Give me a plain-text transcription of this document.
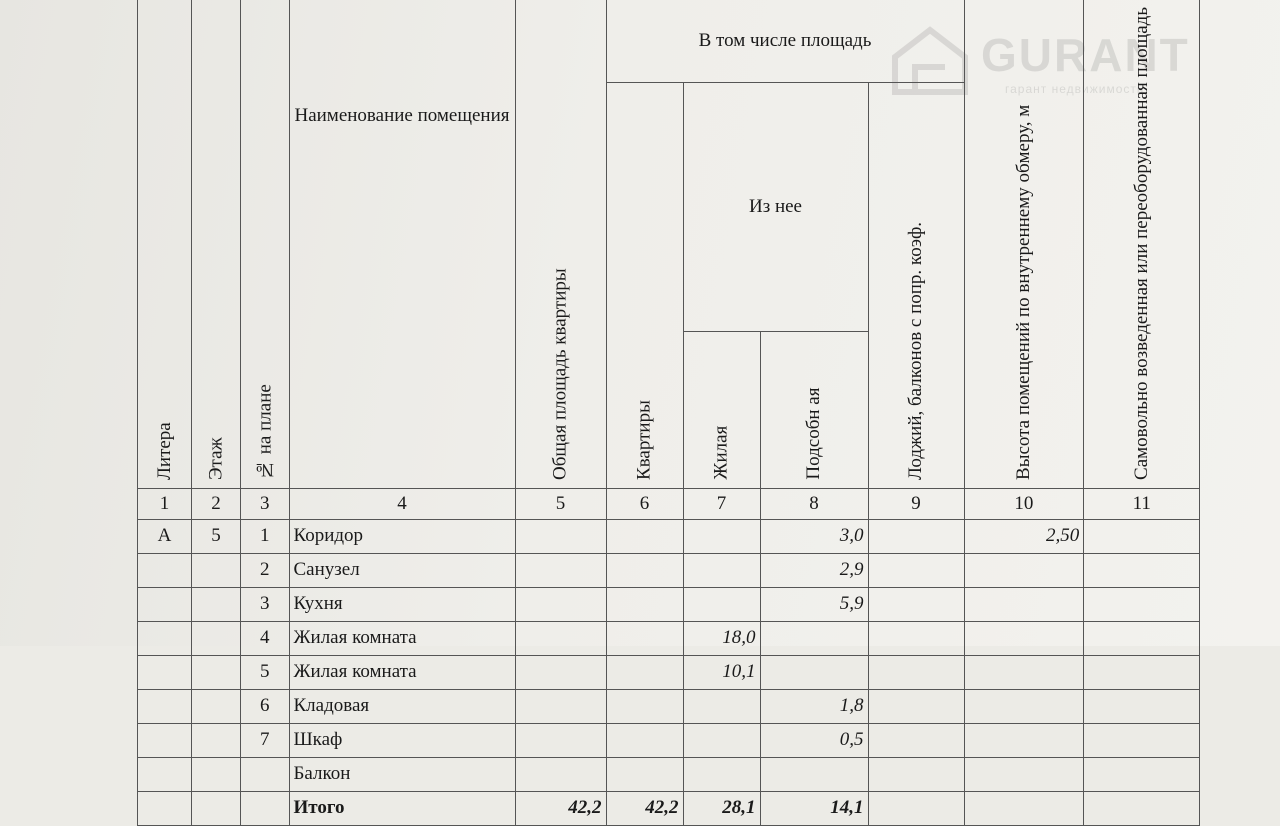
GURANT
гарант недвижимость
Литера	Этаж	№ на плане	Наименование помещения	Общая площадь квартиры	В том числе площадь				Высота помещений по внутреннему обмеру, м	Самовольно возведенная или переоборудованная площадь
					Квартиры	Из нее		Лоджий, балконов с попр. коэф.		
						Жилая	Подсобн ая			
1	2	3	4	5	6	7	8	9	10	11
А	5	1	Коридор				3,0		2,50	
		2	Санузел				2,9			
		3	Кухня				5,9			
		4	Жилая комната			18,0				
		5	Жилая комната			10,1				
		6	Кладовая				1,8			
		7	Шкаф				0,5			
			Балкон							
			Итого	42,2	42,2	28,1	14,1			
